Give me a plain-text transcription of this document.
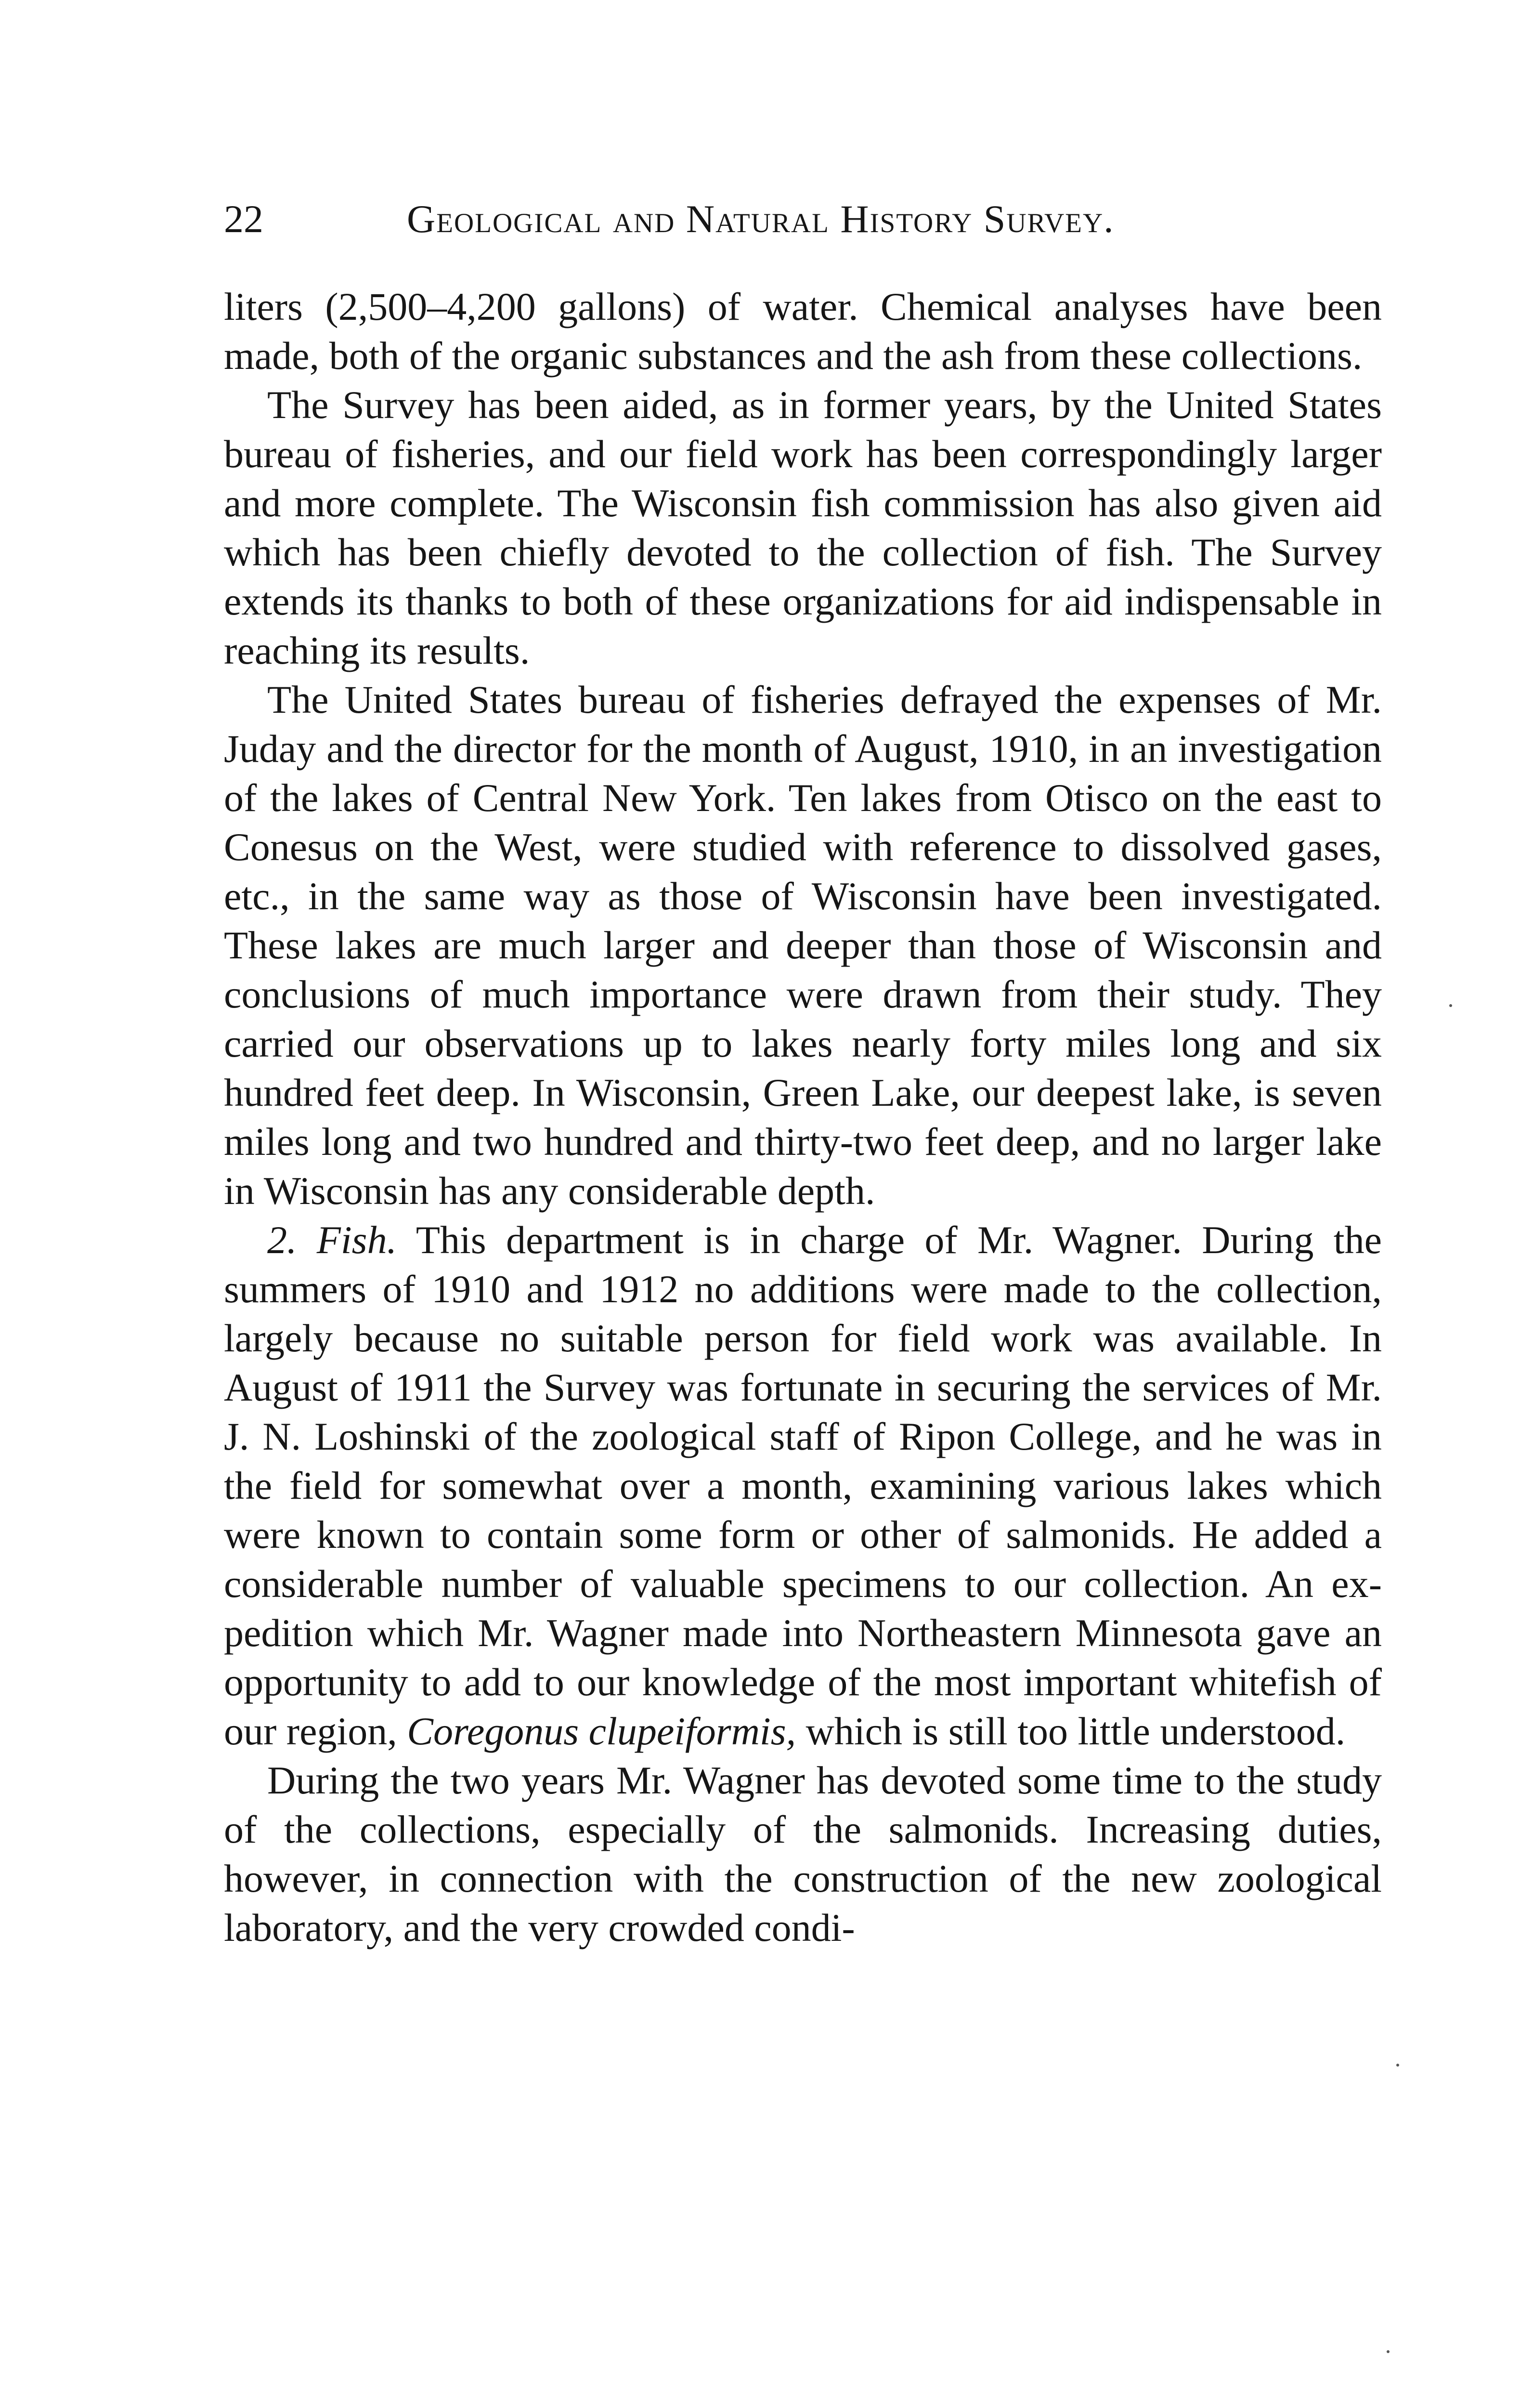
22	Geological and Natural History Survey.

liters (2,500–4,200 gallons) of water. Chemical analyses have been made, both of the organic substances and the ash from these collections.

The Survey has been aided, as in former years, by the United States bureau of fisheries, and our field work has been correspondingly larger and more complete. The Wisconsin fish commission has also given aid which has been chiefly devoted to the collection of fish. The Survey extends its thanks to both of these organizations for aid indispensable in reaching its results.

The United States bureau of fisheries defrayed the expenses of Mr. Juday and the director for the month of August, 1910, in an investigation of the lakes of Central New York. Ten lakes from Otisco on the east to Conesus on the West, were studied with reference to dissolved gases, etc., in the same way as those of Wisconsin have been investigated. These lakes are much larger and deeper than those of Wisconsin and conclusions of much importance were drawn from their study. They carried our observations up to lakes nearly forty miles long and six hundred feet deep. In Wisconsin, Green Lake, our deepest lake, is seven miles long and two hundred and thirty-two feet deep, and no larger lake in Wisconsin has any considerable depth.

2. Fish. This department is in charge of Mr. Wagner. During the summers of 1910 and 1912 no additions were made to the collection, largely because no suitable person for field work was available. In August of 1911 the Survey was fortunate in securing the services of Mr. J. N. Loshinski of the zoological staff of Ripon College, and he was in the field for somewhat over a month, examining various lakes which were known to contain some form or other of salmonids. He added a considerable number of valuable specimens to our collection. An expedition which Mr. Wagner made into Northeastern Minnesota gave an opportunity to add to our knowledge of the most important whitefish of our region, Coregonus clupeiformis, which is still too little understood.

During the two years Mr. Wagner has devoted some time to the study of the collections, especially of the salmonids. Increasing duties, however, in connection with the construction of the new zoological laboratory, and the very crowded condi-
